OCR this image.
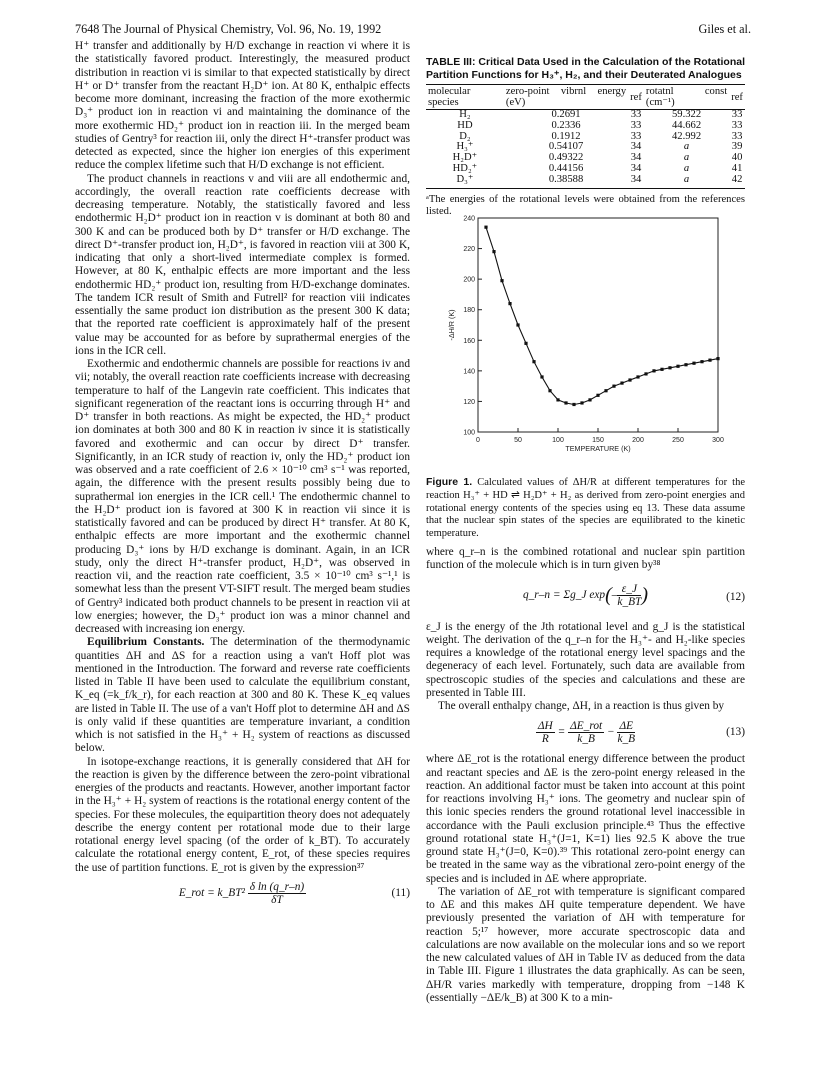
7648 The Journal of Physical Chemistry, Vol. 96, No. 19, 1992	Giles et al.

H⁺ transfer and additionally by H/D exchange in reaction vi where it is the statistically favored product. Interestingly, the measured product distribution in reaction vi is similar to that expected statistically by direct H⁺ or D⁺ transfer from the reactant H₂D⁺ ion. At 80 K, enthalpic effects become more dominant, increasing the fraction of the more exothermic D₃⁺ product ion in reaction vi and maintaining the dominance of the more exothermic HD₂⁺ product ion in reaction iii. In the merged beam studies of Gentry³ for reaction iii, only the direct H⁺-transfer product was detected as expected, since the higher ion energies of this experiment reduce the complex lifetime such that H/D exchange is not efficient.

The product channels in reactions v and viii are all endothermic and, accordingly, the overall reaction rate coefficients decrease with decreasing temperature. Notably, the statistically favored and less endothermic H₂D⁺ product ion in reaction v is dominant at both 80 and 300 K and can be produced both by D⁺ transfer or H/D exchange. The direct D⁺-transfer product ion, H₂D⁺, is favored in reaction viii at 300 K, indicating that only a short-lived intermediate complex is formed. However, at 80 K, enthalpic effects are more important and the less endothermic HD₂⁺ product ion, resulting from H/D-exchange dominates. The tandem ICR result of Smith and Futrell² for reaction viii indicates essentially the same product ion distribution as the present 300 K data; that the reported rate coefficient is approximately half of the present value may be accounted for as before by suprathermal energies of the ions in the ICR cell.

Exothermic and endothermic channels are possible for reactions iv and vii; notably, the overall reaction rate coefficients increase with decreasing temperature to half of the Langevin rate coefficient. This indicates that significant regeneration of the reactant ions is occurring through H⁺ and D⁺ transfer in both reactions. As might be expected, the HD₂⁺ product ion dominates at both 300 and 80 K in reaction iv since it is statistically favored and exothermic and can occur by direct D⁺ transfer. Significantly, in an ICR study of reaction iv, only the HD₂⁺ product ion was observed and a rate coefficient of 2.6 × 10⁻¹⁰ cm³ s⁻¹ was reported, again, the difference with the present results possibly being due to suprathermal ion energies in the ICR cell.¹ The endothermic channel to the H₂D⁺ product ion is favored at 300 K in reaction vii since it is statistically favored and can be produced by direct H⁺ transfer. At 80 K, enthalpic effects are more important and the exothermic channel producing D₃⁺ ions by H/D exchange is dominant. Again, in an ICR study, only the direct H⁺-transfer product, H₂D⁺, was observed in reaction vii, and the reaction rate coefficient, 3.5 × 10⁻¹⁰ cm³ s⁻¹,¹ is somewhat less than the present VT-SIFT result. The merged beam studies of Gentry³ indicated both product channels to be present in reaction vii at low energies; however, the D₃⁺ product ion was a minor channel and decreased with increasing ion energy.

Equilibrium Constants. The determination of the thermodynamic quantities ΔH and ΔS for a reaction using a van't Hoff plot was mentioned in the Introduction. The forward and reverse rate coefficients listed in Table II have been used to calculate the equilibrium constant, K_eq (=k_f/k_r), for each reaction at 300 and 80 K. These K_eq values are listed in Table II. The use of a van't Hoff plot to determine ΔH and ΔS is only valid if these quantities are temperature invariant, a condition which is not satisfied in the H₃⁺ + H₂ system of reactions as discussed below.

In isotope-exchange reactions, it is generally considered that ΔH for the reaction is given by the difference between the zero-point vibrational energies of the products and reactants. However, another important factor in the H₃⁺ + H₂ system of reactions is the rotational energy content of the species. For these molecules, the equipartition theory does not adequately describe the energy content per rotational mode due to their large rotational energy level spacing (of the order of k_BT). To accurately calculate the rotational energy content, E_rot, of these species requires the use of partition functions. E_rot is given by the expression³⁷

E_rot = k_BT² $\frac{\text{δ ln (q\_r–n)}}{\delta T}$	(11)
TABLE III: Critical Data Used in the Calculation of the Rotational Partition Functions for H₃⁺, H₂, and their Deuterated Analogues
molecular species	zero-point vibrnl energy (eV)	ref	rotatnl const (cm⁻¹)	ref
H₂	0.2691	33	59.322	33
HD	0.2336	33	44.662	33
D₂	0.1912	33	42.992	33
H₃⁺	0.54107	34	a	39
H₂D⁺	0.49322	34	a	40
HD₂⁺	0.44156	34	a	41
D₃⁺	0.38588	34	a	42
ᵃThe energies of the rotational levels were obtained from the references listed.
0	50	100	150	200	250	300
100
120
140
160
180
200
220
240
TEMPERATURE (K)
-ΔH/R (K)
Figure 1. Calculated values of ΔH/R at different temperatures for the reaction H₃⁺ + HD ⇌ H₂D⁺ + H₂ as derived from zero-point energies and rotational energy contents of the species using eq 13. These data assume that the nuclear spin states of the species are equilibrated to the kinetic temperature.

where q_r–n is the combined rotational and nuclear spin partition function of the molecule which is in turn given by³⁸

q_r–n = Σg_J $\exp(- \frac{\varepsilon\_J}{k\_BT}$ )	(12)

ε_J is the energy of the Jth rotational level and g_J is the statistical weight. The derivation of the q_r–n for the H₃⁺- and H₂-like species requires a knowledge of the rotational energy level spacings and the degeneracy of each level. Fortunately, such data are available from spectroscopic studies of the species and calculations and these are presented in Table III.

The overall enthalpy change, ΔH, in a reaction is thus given by

$\frac{\Delta H}{R} = \frac{\text{ΔE\_rot}}{k\_B} - \frac{\Delta E}{k\_B}$	(13)

where ΔE_rot is the rotational energy difference between the product and reactant species and ΔE is the zero-point energy released in the reaction. An additional factor must be taken into account at this point for reactions involving H₃⁺ ions. The geometry and nuclear spin of this ionic species renders the ground rotational level inaccessible in accordance with the Pauli exclusion principle.⁴³ Thus the effective ground rotational state H₃⁺(J=1, K=1) lies 92.5 K above the true ground state H₃⁺(J=0, K=0).³⁹ This rotational zero-point energy can be treated in the same way as the vibrational zero-point energy of the species and is included in ΔE where appropriate.

The variation of ΔE_rot with temperature is significant compared to ΔE and this makes ΔH quite temperature dependent. We have previously presented the variation of ΔH with temperature for reaction 5;¹⁷ however, more accurate spectroscopic data and calculations are now available on the molecular ions and so we report the new calculated values of ΔH in Table IV as deduced from the data in Table III. Figure 1 illustrates the data graphically. As can be seen, ΔH/R varies markedly with temperature, dropping from −148 K (essentially −ΔE/k_B) at 300 K to a min-
